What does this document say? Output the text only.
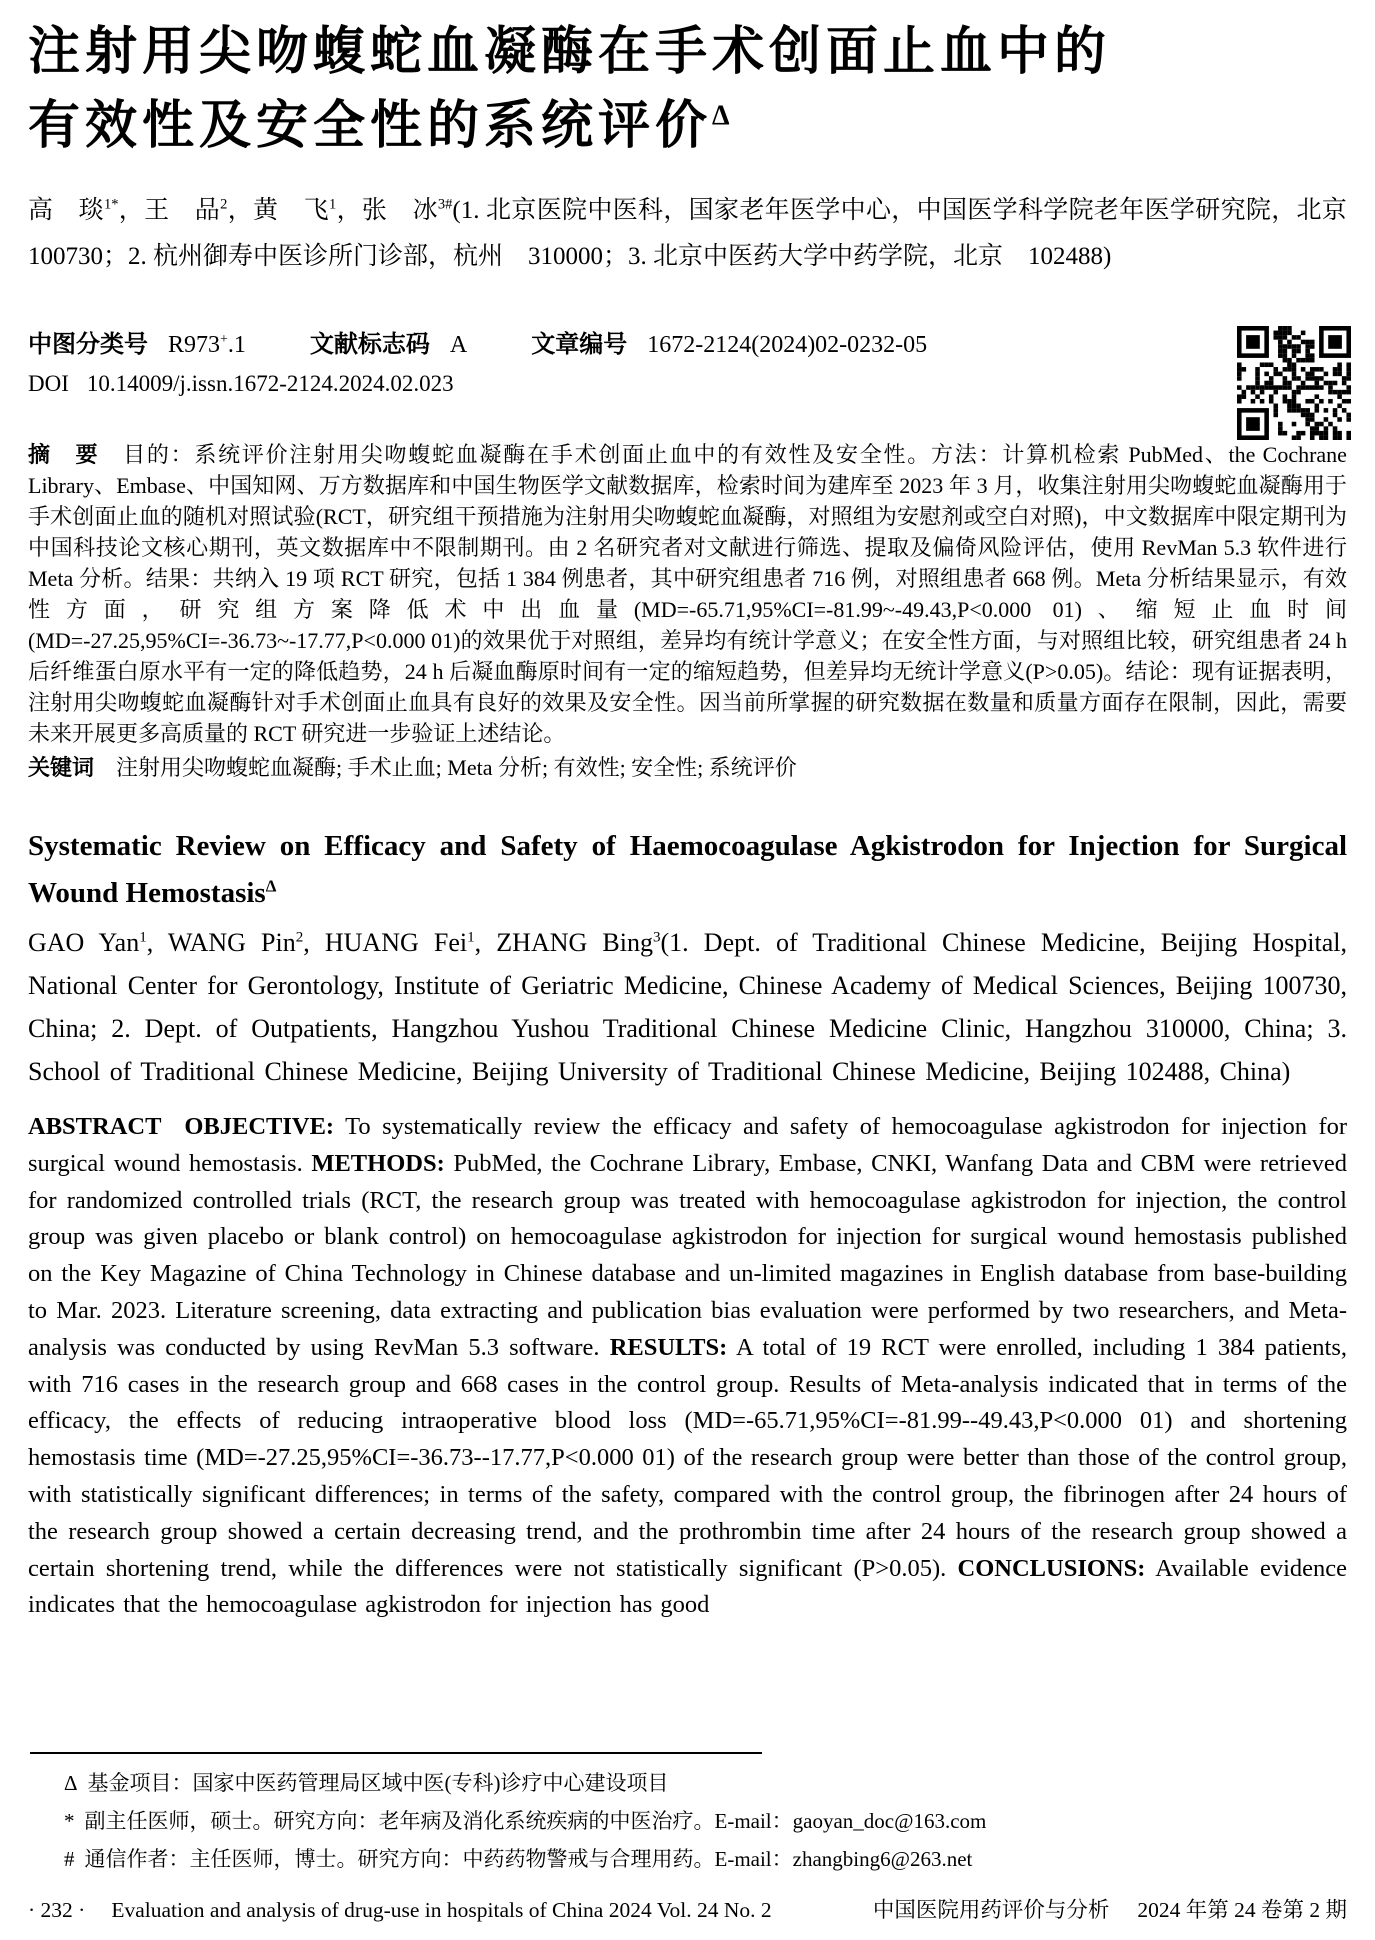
注射用尖吻蝮蛇血凝酶在手术创面止血中的
有效性及安全性的系统评价$^\Delta$

高　琰$^{1*}$，王　品$^2$，黄　飞$^1$，张　冰$^{3\#}$(1. 北京医院中医科，国家老年医学中心，中国医学科学院老年医学研究院，北京　100730；2. 杭州御寿中医诊所门诊部，杭州　310000；3. 北京中医药大学中药学院，北京　102488)

中图分类号 R973+.1	文献标志码 A	文章编号 1672-2124(2024)02-0232-05
DOI 10.14009/j.issn.1672-2124.2024.02.023

摘　要　 目的：系统评价注射用尖吻蝮蛇血凝酶在手术创面止血中的有效性及安全性。方法：计算机检索 PubMed、the Cochrane Library、Embase、中国知网、万方数据库和中国生物医学文献数据库，检索时间为建库至 2023 年 3 月，收集注射用尖吻蝮蛇血凝酶用于手术创面止血的随机对照试验(RCT，研究组干预措施为注射用尖吻蝮蛇血凝酶，对照组为安慰剂或空白对照)，中文数据库中限定期刊为中国科技论文核心期刊，英文数据库中不限制期刊。由 2 名研究者对文献进行筛选、提取及偏倚风险评估，使用 RevMan 5.3 软件进行 Meta 分析。结果：共纳入 19 项 RCT 研究，包括 1 384 例患者，其中研究组患者 716 例，对照组患者 668 例。Meta 分析结果显示，有效性方面，研究组方案降低术中出血量(MD=-65.71,95%CI=-81.99~-49.43,P<0.000 01)、缩短止血时间(MD=-27.25,95%CI=-36.73~-17.77,P<0.000 01)的效果优于对照组，差异均有统计学意义；在安全性方面，与对照组比较，研究组患者 24 h 后纤维蛋白原水平有一定的降低趋势，24 h 后凝血酶原时间有一定的缩短趋势，但差异均无统计学意义(P>0.05)。结论：现有证据表明，注射用尖吻蝮蛇血凝酶针对手术创面止血具有良好的效果及安全性。因当前所掌握的研究数据在数量和质量方面存在限制，因此，需要未来开展更多高质量的 RCT 研究进一步验证上述结论。

关键词　 注射用尖吻蝮蛇血凝酶; 手术止血; Meta 分析; 有效性; 安全性; 系统评价

Systematic Review on Efficacy and Safety of Haemocoagulase Agkistrodon for Injection for Surgical Wound Hemostasis$^\Delta$

GAO Yan$^1$, WANG Pin$^2$, HUANG Fei$^1$, ZHANG Bing$^3$(1. Dept. of Traditional Chinese Medicine, Beijing Hospital, National Center for Gerontology, Institute of Geriatric Medicine, Chinese Academy of Medical Sciences, Beijing 100730, China; 2. Dept. of Outpatients, Hangzhou Yushou Traditional Chinese Medicine Clinic, Hangzhou 310000, China; 3. School of Traditional Chinese Medicine, Beijing University of Traditional Chinese Medicine, Beijing 102488, China)

ABSTRACT OBJECTIVE: To systematically review the efficacy and safety of hemocoagulase agkistrodon for injection for surgical wound hemostasis. METHODS: PubMed, the Cochrane Library, Embase, CNKI, Wanfang Data and CBM were retrieved for randomized controlled trials (RCT, the research group was treated with hemocoagulase agkistrodon for injection, the control group was given placebo or blank control) on hemocoagulase agkistrodon for injection for surgical wound hemostasis published on the Key Magazine of China Technology in Chinese database and un-limited magazines in English database from base-building to Mar. 2023. Literature screening, data extracting and publication bias evaluation were performed by two researchers, and Meta-analysis was conducted by using RevMan 5.3 software. RESULTS: A total of 19 RCT were enrolled, including 1 384 patients, with 716 cases in the research group and 668 cases in the control group. Results of Meta-analysis indicated that in terms of the efficacy, the effects of reducing intraoperative blood loss (MD=-65.71,95%CI=-81.99--49.43,P<0.000 01) and shortening hemostasis time (MD=-27.25,95%CI=-36.73--17.77,P<0.000 01) of the research group were better than those of the control group, with statistically significant differences; in terms of the safety, compared with the control group, the fibrinogen after 24 hours of the research group showed a certain decreasing trend, and the prothrombin time after 24 hours of the research group showed a certain shortening trend, while the differences were not statistically significant (P>0.05). CONCLUSIONS: Available evidence indicates that the hemocoagulase agkistrodon for injection has good

Δ 基金项目：国家中医药管理局区域中医(专科)诊疗中心建设项目
* 副主任医师，硕士。研究方向：老年病及消化系统疾病的中医治疗。E-mail：gaoyan_doc@163.com
# 通信作者：主任医师，博士。研究方向：中药药物警戒与合理用药。E-mail：zhangbing6@263.net
· 232 · Evaluation and analysis of drug-use in hospitals of China 2024 Vol. 24 No. 2	中国医院用药评价与分析 2024 年第 24 卷第 2 期
